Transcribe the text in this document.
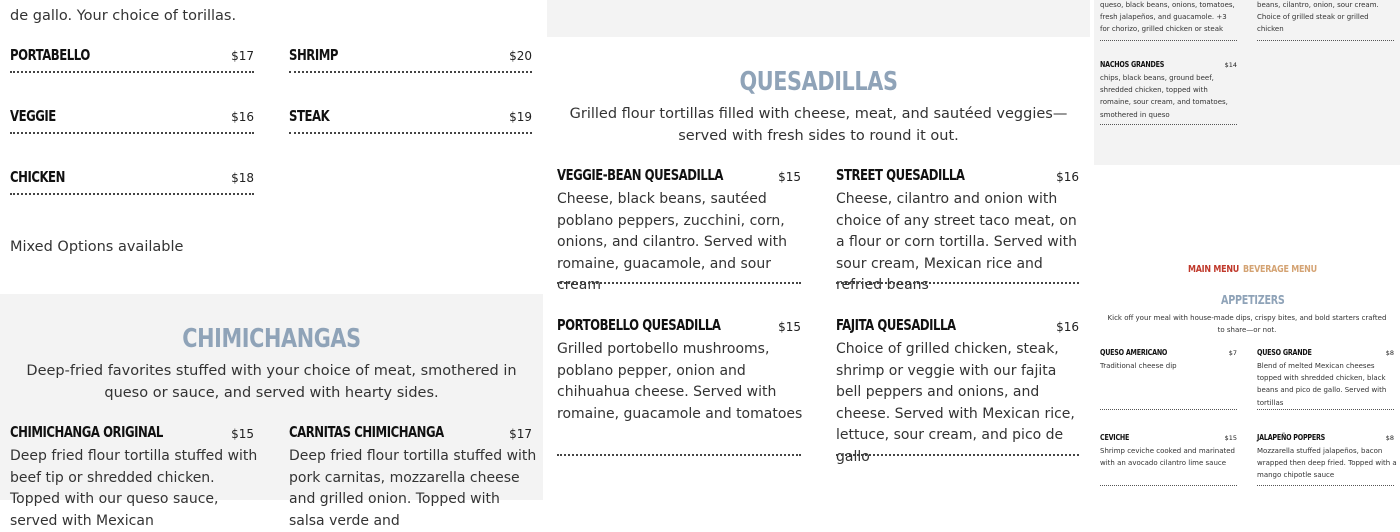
de gallo. Your choice of torillas.
PORTABELLO	$17 SHRIMP	$20
VEGGIE	$16 STEAK	$19
CHICKEN	$18
Mixed Options available
CHIMICHANGAS
Deep-fried favorites stuffed with your choice of meat, smothered in queso or sauce, and served with hearty sides.
CHIMICHANGA ORIGINAL	$15
Deep fried flour tortilla stuffed with beef tip or shredded chicken. Topped with our queso sauce, served with Mexican
CARNITAS CHIMICHANGA	$17
Deep fried flour tortilla stuffed with pork carnitas, mozzarella cheese and grilled onion. Topped with salsa verde and
QUESADILLAS
Grilled flour tortillas filled with cheese, meat, and sautéed veggies—served with fresh sides to round it out.
VEGGIE-BEAN QUESADILLA	$15
Cheese, black beans, sautéed poblano peppers, zucchini, corn, onions, and cilantro. Served with romaine, guacamole, and sour cream
STREET QUESADILLA	$16
Cheese, cilantro and onion with choice of any street taco meat, on a flour or corn tortilla. Served with sour cream, Mexican rice and refried beans
PORTOBELLO QUESADILLA	$15
Grilled portobello mushrooms, poblano pepper, onion and chihuahua cheese. Served with romaine, guacamole and tomatoes
FAJITA QUESADILLA	$16
Choice of grilled chicken, steak, shrimp or veggie with our fajita bell peppers and onions, and cheese. Served with Mexican rice, lettuce, sour cream, and pico de gallo
queso, black beans, onions, tomatoes, fresh jalapeños, and guacamole. +3 for chorizo, grilled chicken or steak
beans, cilantro, onion, sour cream. Choice of grilled steak or grilled chicken
NACHOS GRANDES	$14
chips, black beans, ground beef, shredded chicken, topped with romaine, sour cream, and tomatoes, smothered in queso
MAIN MENU BEVERAGE MENU
APPETIZERS
Kick off your meal with house-made dips, crispy bites, and bold starters crafted to share—or not.
QUESO AMERICANO	$7
Traditional cheese dip
QUESO GRANDE	$8
Blend of melted Mexican cheeses topped with shredded chicken, black beans and pico de gallo. Served with tortillas
CEVICHE	$15
Shrimp ceviche cooked and marinated with an avocado cilantro lime sauce
JALAPEÑO POPPERS	$8
Mozzarella stuffed jalapeños, bacon wrapped then deep fried. Topped with a mango chipotle sauce
